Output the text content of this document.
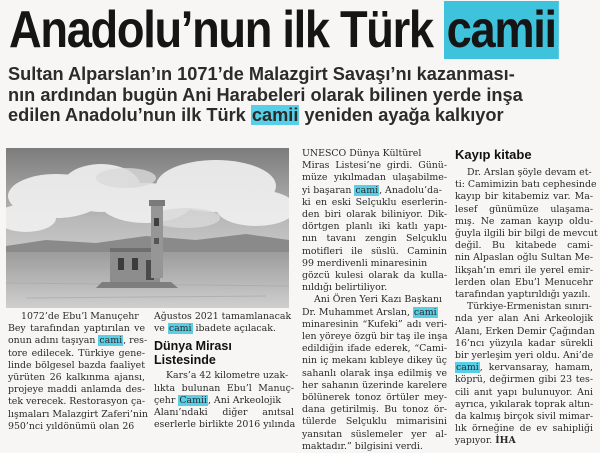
Anadolu’nun ilk Türk camii
Sultan Alparslan’ın 1071’de Malazgirt Savaşı’nı kazanması-
nın ardından bugün Ani Harabeleri olarak bilinen yerde inşa
edilen Anadolu’nun ilk Türk camii yeniden ayağa kalkıyor
1072’de Ebu’l Manuçehr
Bey tarafından yaptırılan ve
onun adını taşıyan cami, res-
tore edilecek. Türkiye gene-
linde bölgesel bazda faaliyet
yürüten 26 kalkınma ajansı,
projeye maddi anlamda des-
tek verecek. Restorasyon ça-
lışmaları Malazgirt Zaferi’nin
950’nci yıldönümü olan 26
Ağustos 2021 tamamlanacak
ve cami ibadete açılacak.

Dünya Mirası
Listesinde

Kars’a 42 kilometre uzak-
lıkta bulunan Ebu’l Manuç-
çehr Camii, Ani Arkeolojik
Alanı’ndaki diğer anıtsal
eserlerle birlikte 2016 yılında
UNESCO Dünya Kültürel
Miras Listesi’ne girdi. Günü-
müze yıkılmadan ulaşabilme-
yi başaran cami, Anadolu’da-
ki en eski Selçuklu eserlerin-
den biri olarak biliniyor. Dik-
dörtgen planlı iki katlı yapı-
nın tavanı zengin Selçuklu
motifleri ile süslü. Caminin
99 merdivenli minaresinin
gözcü kulesi olarak da kulla-
nıldığı belirtiliyor.
Ani Ören Yeri Kazı Başkanı
Dr. Muhammet Arslan, cami
minaresinin “Kufeki” adı veri-
len yöreye özgü bir taş ile inşa
edildiğin ifade ederek, “Cami-
nin iç mekanı kıbleye dikey üç
sahanlı olarak inşa edilmiş ve
her sahanın üzerinde karelere
bölünerek tonoz örtüler mey-
dana getirilmiş. Bu tonoz ör-
tülerde Selçuklu mimarisini
yansıtan süslemeler yer al-
maktadır.” bilgisini verdi.

Kayıp kitabe

Dr. Arslan şöyle devam et-
ti: Camimizin batı cephesinde
kayıp bir kitabemiz var. Ma-
lesef günümüze ulaşama-
mış. Ne zaman kayıp oldu-
ğuyla ilgili bir bilgi de mevcut
değil. Bu kitabede cami-
nin Alpaslan oğlu Sultan Me-
likşah’ın emri ile yerel emir-
lerden olan Ebu’l Menucehr
tarafından yaptırıldığı yazılı.
Türkiye-Ermenistan sınırı-
nda yer alan Ani Arkeolojik
Alanı, Erken Demir Çağından
16’ncı yüzyıla kadar sürekli
bir yerleşim yeri oldu. Ani’de
cami, kervansaray, hamam,
köprü, değirmen gibi 23 tes-
cili anıt yapı bulunuyor. Ani
ayrıca, yıkılarak toprak altın-
da kalmış birçok sivil mimar-
lık örneğine de ev sahipliği
yapıyor. İHA
